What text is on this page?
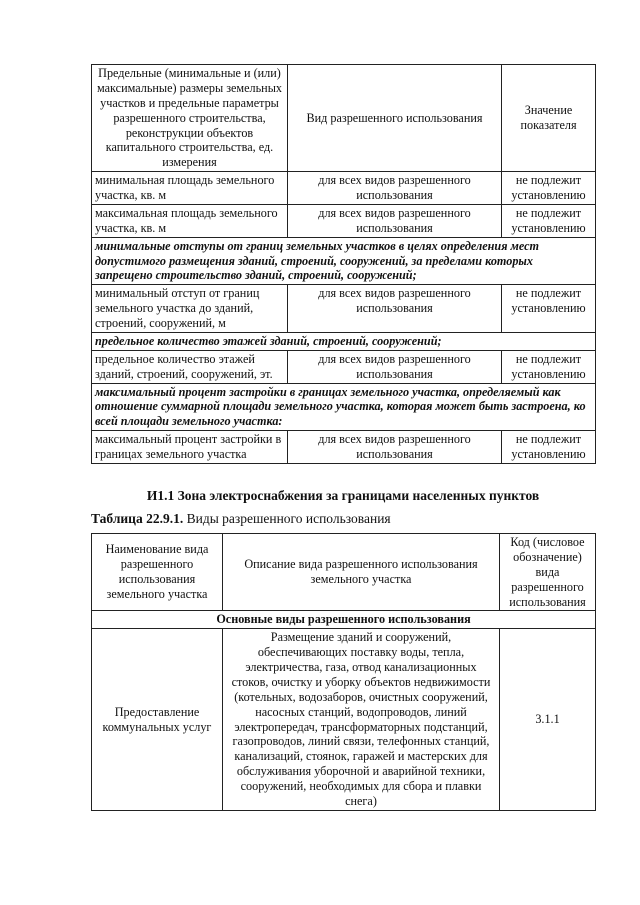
Предельные (минимальные и (или) максимальные) размеры земельных участков и предельные параметры разрешенного строительства, реконструкции объектов капитального строительства, ед. измерения	Вид разрешенного использования	Значение показателя
минимальная площадь земельного участка, кв. м	для всех видов разрешенного использования	не подлежит установлению
максимальная площадь земельного участка, кв. м	для всех видов разрешенного использования	не подлежит установлению
минимальные отступы от границ земельных участков в целях определения мест допустимого размещения зданий, строений, сооружений, за пределами которых запрещено строительство зданий, строений, сооружений;		
минимальный отступ от границ земельного участка до зданий, строений, сооружений, м	для всех видов разрешенного использования	не подлежит установлению
предельное количество этажей зданий, строений, сооружений;		
предельное количество этажей зданий, строений, сооружений, эт.	для всех видов разрешенного использования	не подлежит установлению
максимальный процент застройки в границах земельного участка, определяемый как отношение суммарной площади земельного участка, которая может быть застроена, ко всей площади земельного участка:		
максимальный процент застройки в границах земельного участка	для всех видов разрешенного использования	не подлежит установлению
И1.1 Зона электроснабжения за границами населенных пунктов
Таблица 22.9.1. Виды разрешенного использования
Наименование вида разрешенного использования земельного участка	Описание вида разрешенного использования земельного участка	Код (числовое обозначение) вида разрешенного использования
Основные виды разрешенного использования		
Предоставление коммунальных услуг	Размещение зданий и сооружений, обеспечивающих поставку воды, тепла, электричества, газа, отвод канализационных стоков, очистку и уборку объектов недвижимости (котельных, водозаборов, очистных сооружений, насосных станций, водопроводов, линий электропередач, трансформаторных подстанций, газопроводов, линий связи, телефонных станций, канализаций, стоянок, гаражей и мастерских для обслуживания уборочной и аварийной техники, сооружений, необходимых для сбора и плавки снега)	3.1.1
